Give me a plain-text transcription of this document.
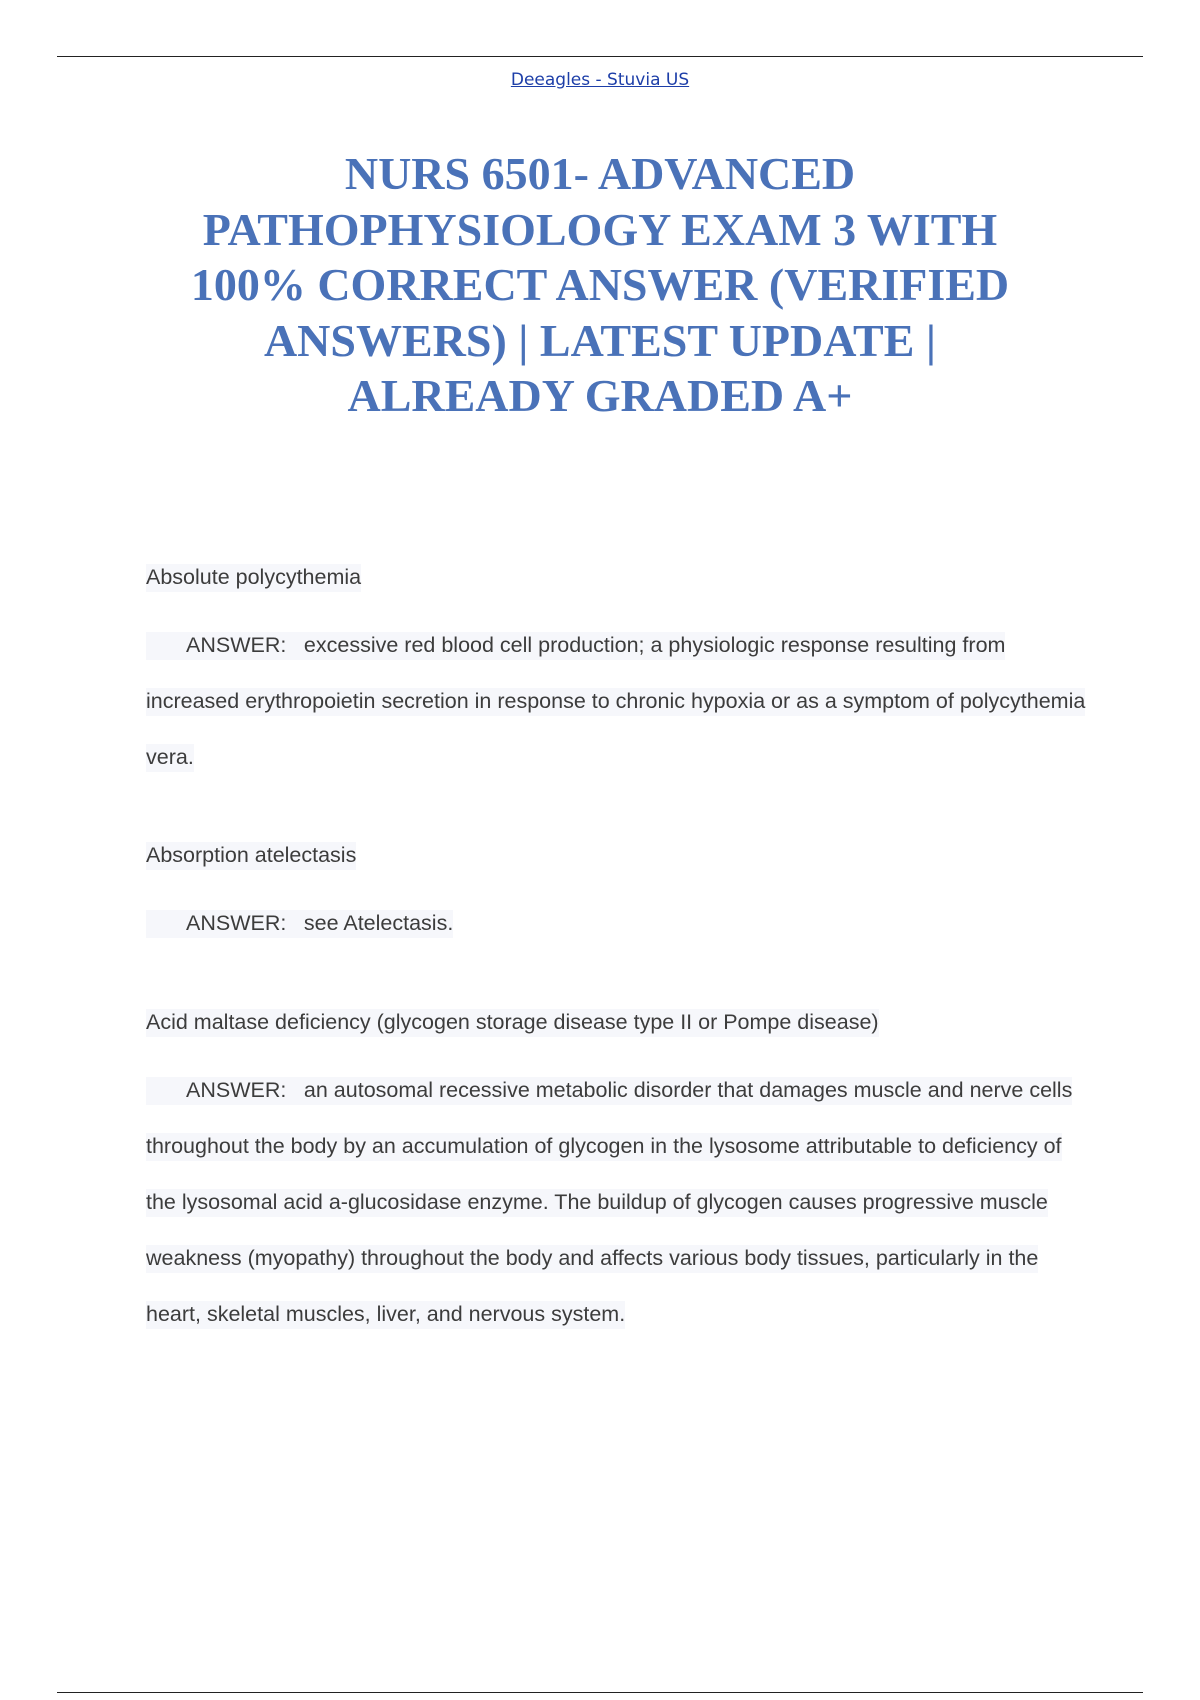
Deeagles - Stuvia US
NURS 6501- ADVANCED PATHOPHYSIOLOGY EXAM 3 WITH 100% CORRECT ANSWER (VERIFIED ANSWERS) | LATEST UPDATE | ALREADY GRADED A+

Absolute polycythemia

ANSWER: excessive red blood cell production; a physiologic response resulting from increased erythropoietin secretion in response to chronic hypoxia or as a symptom of polycythemia vera.

Absorption atelectasis

ANSWER: see Atelectasis.

Acid maltase deficiency (glycogen storage disease type II or Pompe disease)

ANSWER: an autosomal recessive metabolic disorder that damages muscle and nerve cells throughout the body by an accumulation of glycogen in the lysosome attributable to deficiency of the lysosomal acid a-glucosidase enzyme. The buildup of glycogen causes progressive muscle weakness (myopathy) throughout the body and affects various body tissues, particularly in the heart, skeletal muscles, liver, and nervous system.
